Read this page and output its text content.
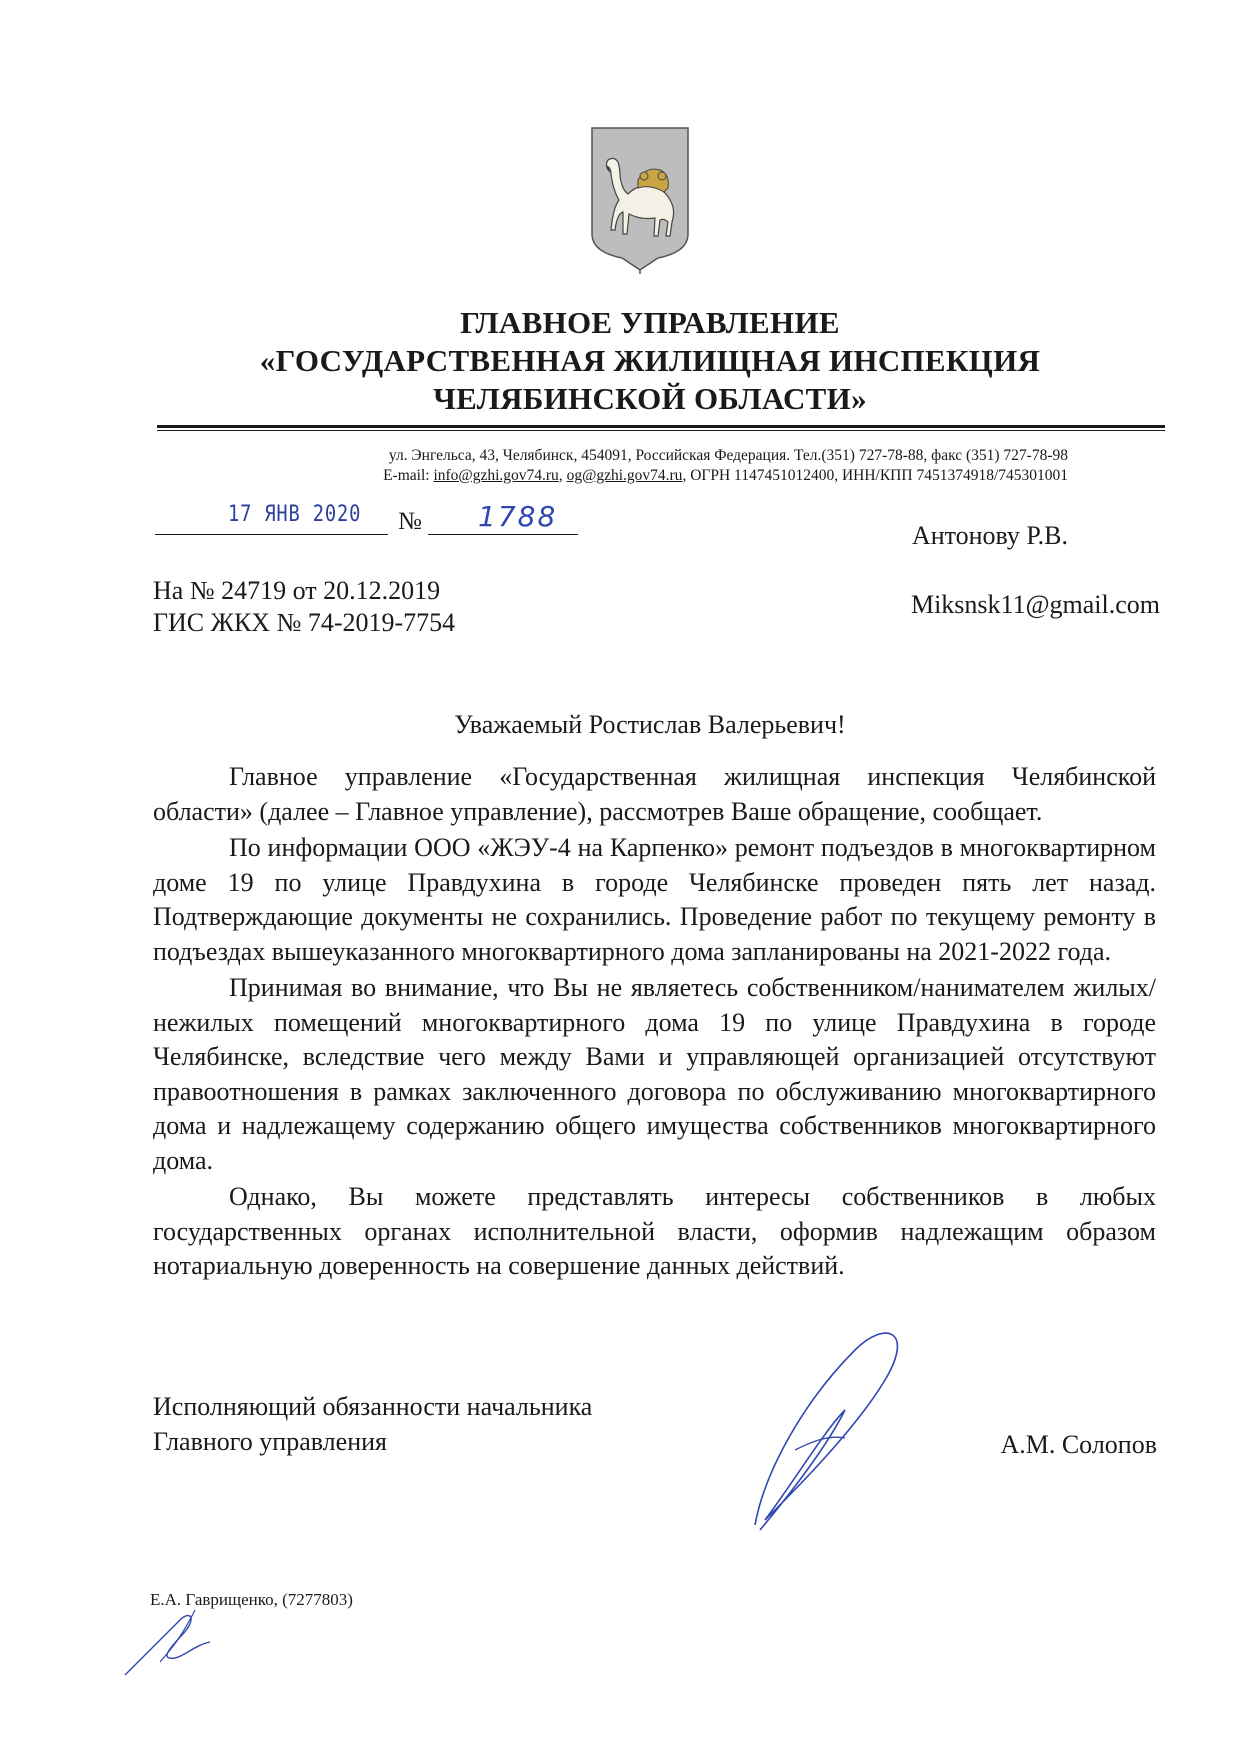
ГЛАВНОЕ УПРАВЛЕНИЕ
«ГОСУДАРСТВЕННАЯ ЖИЛИЩНАЯ ИНСПЕКЦИЯ
ЧЕЛЯБИНСКОЙ ОБЛАСТИ»
ул. Энгельса, 43, Челябинск, 454091, Российская Федерация. Тел.(351) 727-78-88, факс (351) 727-78-98
E-mail: info@gzhi.gov74.ru, og@gzhi.gov74.ru, ОГРН 1147451012400, ИНН/КПП 7451374918/745301001
17 ЯНВ 2020 № 1788
Антонову Р.В.
Miksnsk11@gmail.com
На № 24719 от 20.12.2019
ГИС ЖКХ № 74-2019-7754
Уважаемый Ростислав Валерьевич!

Главное управление «Государственная жилищная инспекция Челябинской области» (далее – Главное управление), рассмотрев Ваше обращение, сообщает.

По информации ООО «ЖЭУ-4 на Карпенко» ремонт подъездов в многоквартирном доме 19 по улице Правдухина в городе Челябинске проведен пять лет назад. Подтверждающие документы не сохранились. Проведение работ по текущему ремонту в подъездах вышеуказанного многоквартирного дома запланированы на 2021-2022 года.

Принимая во внимание, что Вы не являетесь собственником/нанимателем жилых/нежилых помещений многоквартирного дома 19 по улице Правдухина в городе Челябинске, вследствие чего между Вами и управляющей организацией отсутствуют правоотношения в рамках заключенного договора по обслуживанию многоквартирного дома и надлежащему содержанию общего имущества собственников многоквартирного дома.

Однако, Вы можете представлять интересы собственников в любых государственных органах исполнительной власти, оформив надлежащим образом нотариальную доверенность на совершение данных действий.

Исполняющий обязанности начальника
Главного управления	А.М. Солопов
Е.А. Гаврищенко, (7277803)
